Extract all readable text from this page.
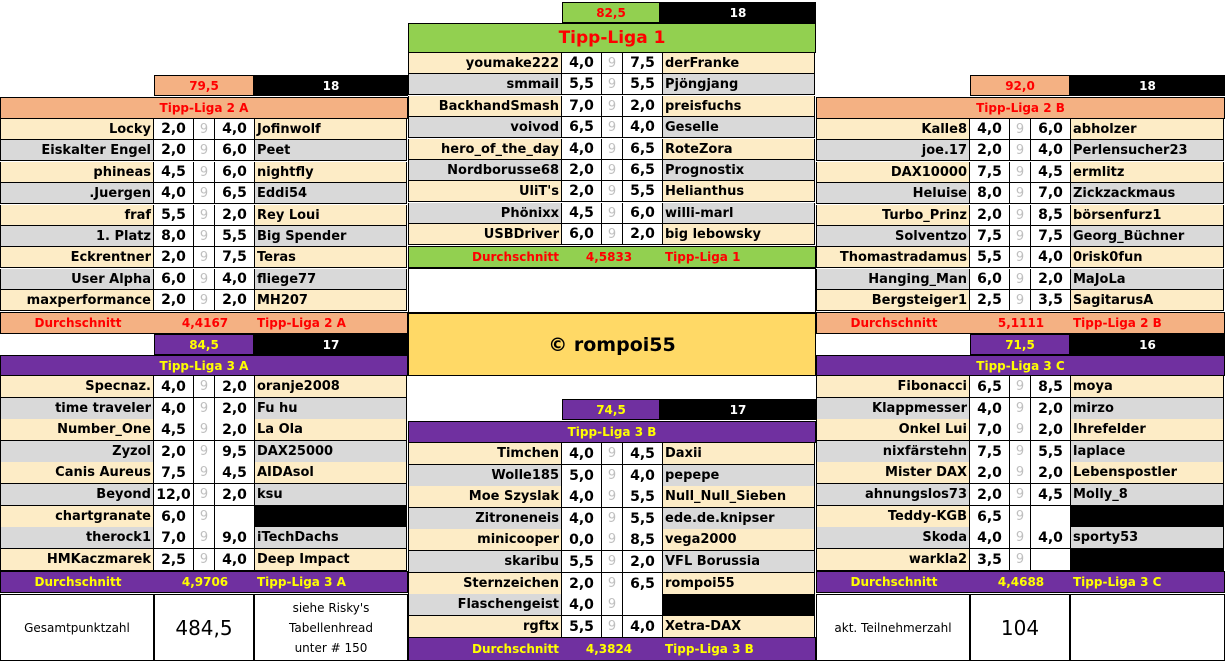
82,5	18
Tipp-Liga 1
youmake222 4,0	9 7,5 derFranke
smmail 5,5	9 5,5 Pjöngjang
BackhandSmash 7,0	9 2,0 preisfuchs
voivod 6,5	9 4,0 Geselle
hero_of_the_day 4,0	9 6,5 RoteZora
Nordborusse68 2,0	9 6,5 Prognostix
UliT's 2,0	9 5,5 Helianthus
Phönixx 4,5	9 6,0 willi-marl
USBDriver 6,0	9 2,0 big lebowsky
Durchschnitt	4,5833	Tipp-Liga 1
© rompoi55
79,5	18
Tipp-Liga 2 A
Locky 2,0	9 4,0 Jofinwolf
Eiskalter Engel 2,0	9 6,0 Peet
phineas 4,5	9 6,0 nightfly
.Juergen 4,0	9 6,5 Eddi54
fraf 5,5	9 2,0 Rey Loui
1. Platz 8,0	9 5,5 Big Spender
Eckrentner 2,0	9 7,5 Teras
User Alpha 6,0	9 4,0 fliege77
maxperformance 2,0	9 2,0 MH207
Durchschnitt	4,4167	Tipp-Liga 2 A
92,0	18
Tipp-Liga 2 B
Kalle8 4,0	9 6,0 abholzer
joe.17 2,0	9 4,0 Perlensucher23
DAX10000 7,5	9 4,5 ermlitz
Heluise 8,0	9 7,0 Zickzackmaus
Turbo_Prinz 2,0	9 8,5 börsenfurz1
Solventzo 7,5	9 7,5 Georg_Büchner
Thomastradamus 5,5	9 4,0 0risk0fun
Hanging_Man 6,0	9 2,0 MaJoLa
Bergsteiger1 2,5	9 3,5 SagitarusA
Durchschnitt	5,1111	Tipp-Liga 2 B
84,5	17
Tipp-Liga 3 A
Specnaz. 4,0	9 2,0 oranje2008
time traveler 4,0	9 2,0 Fu hu
Number_One 4,5	9 2,0 La Ola
Zyzol 2,0	9 9,5 DAX25000
Canis Aureus 7,5	9 4,5 AIDAsol
Beyond 12,0 9 2,0 ksu
chartgranate 6,0	9
therock1 7,0	9 9,0 iTechDachs
HMKaczmarek 2,5	9 4,0 Deep Impact
Durchschnitt	4,9706	Tipp-Liga 3 A
71,5	16
Tipp-Liga 3 C
Fibonacci 6,5	9 8,5 moya
Klappmesser 4,0	9 2,0 mirzo
Onkel Lui 7,0	9 2,0 Ihrefelder
nixfärstehn 7,5	9 5,5 laplace
Mister DAX 2,0	9 2,0 Lebenspostler
ahnungslos73 2,0	9 4,5 Molly_8
Teddy-KGB 6,5	9
Skoda 4,0	9 4,0 sporty53
warkla2 3,5	9
Durchschnitt	4,4688	Tipp-Liga 3 C
74,5	17
Tipp-Liga 3 B
Timchen 4,0	9 4,5 Daxii
Wolle185 5,0	9 4,0 pepepe
Moe Szyslak 4,0	9 5,5 Null_Null_Sieben
Zitroneneis 4,0	9 5,5 ede.de.knipser
minicooper 0,0	9 8,5 vega2000
skaribu 5,5	9 2,0 VFL Borussia
Sternzeichen 2,0	9 6,5 rompoi55
Flaschengeist 4,0	9
rgftx 5,5	9 4,0 Xetra-DAX
Durchschnitt	4,3824	Tipp-Liga 3 B
Gesamtpunktzahl 484,5
siehe Risky's
Tabellenhread
unter # 150
akt. Teilnehmerzahl 104
